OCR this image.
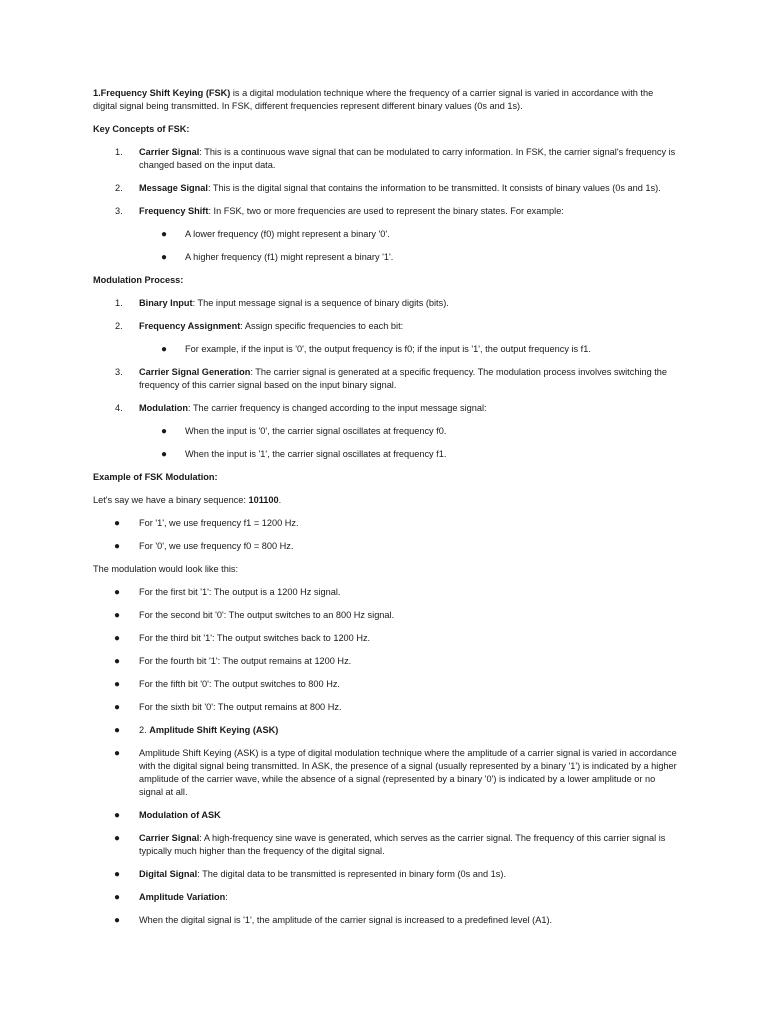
1.Frequency Shift Keying (FSK) is a digital modulation technique where the frequency of a carrier signal is varied in accordance with the digital signal being transmitted. In FSK, different frequencies represent different binary values (0s and 1s).

Key Concepts of FSK:

1. Carrier Signal: This is a continuous wave signal that can be modulated to carry information. In FSK, the carrier signal's frequency is changed based on the input data.
2. Message Signal: This is the digital signal that contains the information to be transmitted. It consists of binary values (0s and 1s).
3. Frequency Shift: In FSK, two or more frequencies are used to represent the binary states. For example:
● A lower frequency (f0) might represent a binary '0'.
● A higher frequency (f1) might represent a binary '1'.

Modulation Process:

1. Binary Input: The input message signal is a sequence of binary digits (bits).
2. Frequency Assignment: Assign specific frequencies to each bit:
● For example, if the input is '0', the output frequency is f0; if the input is '1', the output frequency is f1.
3. Carrier Signal Generation: The carrier signal is generated at a specific frequency. The modulation process involves switching the frequency of this carrier signal based on the input binary signal.
4. Modulation: The carrier frequency is changed according to the input message signal:
● When the input is '0', the carrier signal oscillates at frequency f0.
● When the input is '1', the carrier signal oscillates at frequency f1.

Example of FSK Modulation:

Let's say we have a binary sequence: 101100.

● For '1', we use frequency f1 = 1200 Hz.
● For '0', we use frequency f0 = 800 Hz.

The modulation would look like this:

● For the first bit '1': The output is a 1200 Hz signal.
● For the second bit '0': The output switches to an 800 Hz signal.
● For the third bit '1': The output switches back to 1200 Hz.
● For the fourth bit '1': The output remains at 1200 Hz.
● For the fifth bit '0': The output switches to 800 Hz.
● For the sixth bit '0': The output remains at 800 Hz.
● 2. Amplitude Shift Keying (ASK)
● Amplitude Shift Keying (ASK) is a type of digital modulation technique where the amplitude of a carrier signal is varied in accordance with the digital signal being transmitted. In ASK, the presence of a signal (usually represented by a binary '1') is indicated by a higher amplitude of the carrier wave, while the absence of a signal (represented by a binary '0') is indicated by a lower amplitude or no signal at all.
● Modulation of ASK
● Carrier Signal: A high-frequency sine wave is generated, which serves as the carrier signal. The frequency of this carrier signal is typically much higher than the frequency of the digital signal.
● Digital Signal: The digital data to be transmitted is represented in binary form (0s and 1s).
● Amplitude Variation:
● When the digital signal is '1', the amplitude of the carrier signal is increased to a predefined level (A1).
